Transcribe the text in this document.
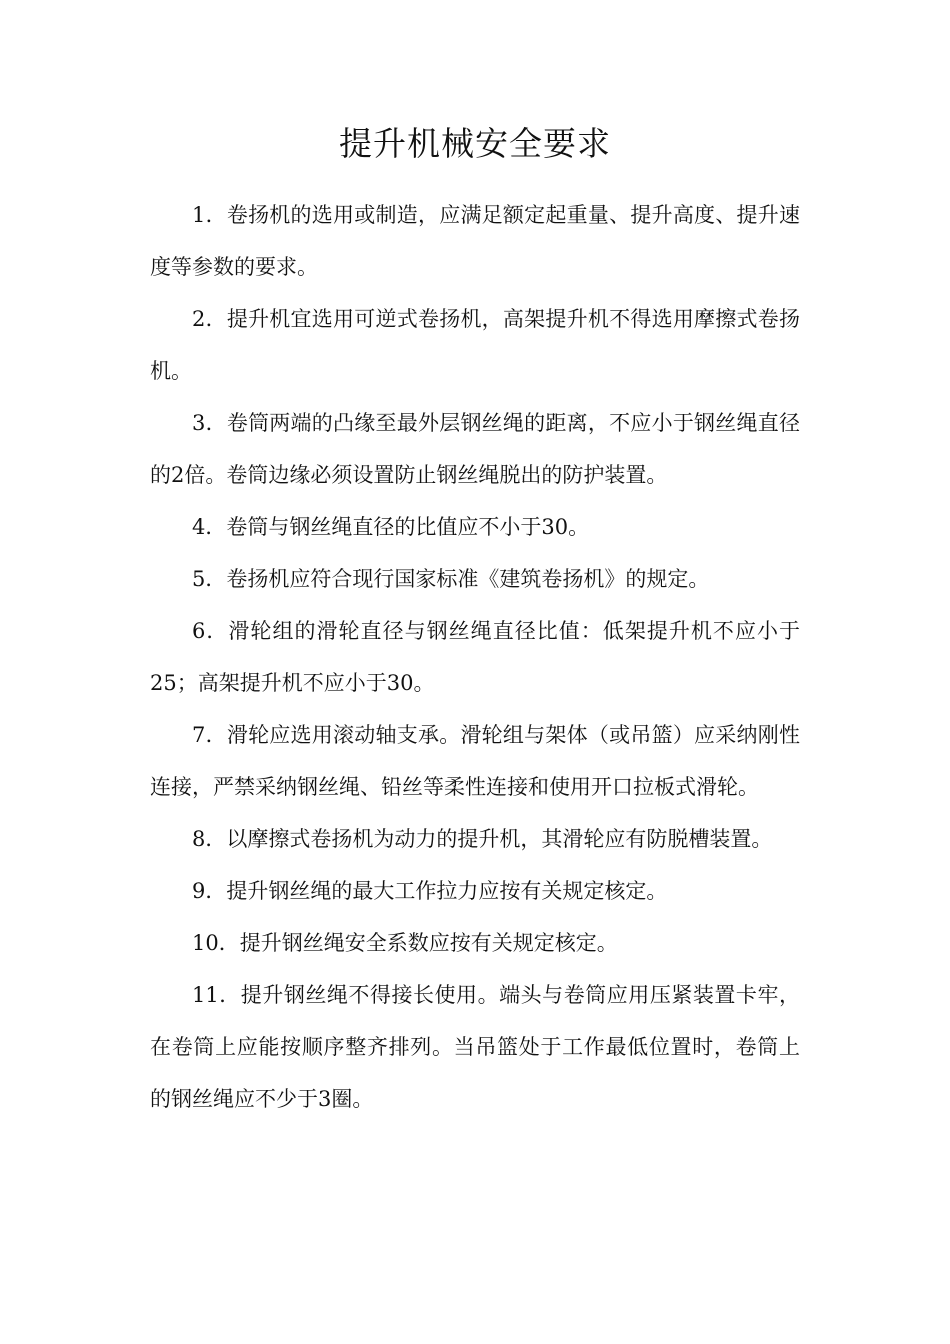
提升机械安全要求

1．卷扬机的选用或制造，应满足额定起重量、提升高度、提升速度等参数的要求。

2．提升机宜选用可逆式卷扬机，高架提升机不得选用摩擦式卷扬机。

3．卷筒两端的凸缘至最外层钢丝绳的距离，不应小于钢丝绳直径的2倍。卷筒边缘必须设置防止钢丝绳脱出的防护装置。

4．卷筒与钢丝绳直径的比值应不小于30。

5．卷扬机应符合现行国家标准《建筑卷扬机》的规定。

6．滑轮组的滑轮直径与钢丝绳直径比值：低架提升机不应小于25；高架提升机不应小于30。

7．滑轮应选用滚动轴支承。滑轮组与架体（或吊篮）应采纳刚性连接，严禁采纳钢丝绳、铅丝等柔性连接和使用开口拉板式滑轮。

8．以摩擦式卷扬机为动力的提升机，其滑轮应有防脱槽装置。

9．提升钢丝绳的最大工作拉力应按有关规定核定。

10．提升钢丝绳安全系数应按有关规定核定。

11．提升钢丝绳不得接长使用。端头与卷筒应用压紧装置卡牢，在卷筒上应能按顺序整齐排列。当吊篮处于工作最低位置时，卷筒上的钢丝绳应不少于3圈。
